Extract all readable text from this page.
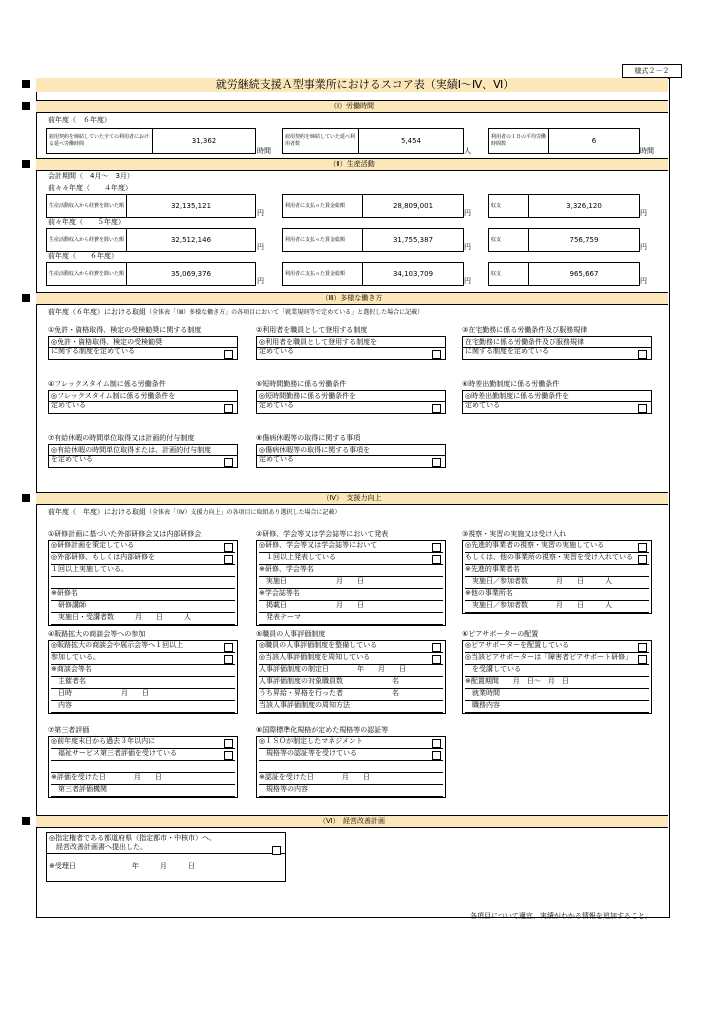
様式２－２
就労継続支援Ａ型事業所におけるスコア表（実績Ⅰ～Ⅳ、Ⅵ）
（Ⅰ）労働時間
前年度（　６年度）
雇用契約を締結していた全ての利用者における延べ労働時間	31,362
時間
雇用契約を締結していた延べ利用者数	5,454
人
利用者の１日の平均労働時間数	6
時間
（Ⅱ）生産活動
会計期間（　4月～　3月）
前々々年度（　　４年度）
生産活動収入から経費を除いた額	32,135,121
円
利用者に支払った賃金総額	28,809,001
円
収支	3,326,120
円
前々年度（　　５年度）
生産活動収入から経費を除いた額	32,512,146
円
利用者に支払った賃金総額	31,755,387
円
収支	756,759
円
前年度（　　６年度）
生産活動収入から経費を除いた額	35,069,376
円
利用者に支払った賃金総額	34,103,709
円
収支	965,667
円
（Ⅲ）多様な働き方
前年度（６年度）における取組（全体表「（Ⅲ）多様な働き方」の各項目において「就業規則等で定めている」と選択した場合に記載）
①免許・資格取得、検定の受検勧奨に関する制度
◎免許・資格取得、検定の受検勧奨
に関する制度を定めている
②利用者を職員として登用する制度
◎利用者を職員として登用する制度を
定めている
③在宅勤務に係る労働条件及び服務規律
在宅勤務に係る労働条件及び服務規律
に関する制度を定めている
④フレックスタイム制に係る労働条件
◎フレックスタイム制に係る労働条件を
定めている
⑤短時間勤務に係る労働条件
◎短時間勤務に係る労働条件を
定めている
⑥時差出勤制度に係る労働条件
◎時差出勤制度に係る労働条件を
定めている
⑦有給休暇の時間単位取得又は計画的付与制度
◎有給休暇の時間単位取得または、計画的付与制度
を定めている
⑧傷病休暇等の取得に関する事項
◎傷病休暇等の取得に関する事項を
定めている
（Ⅳ）　支援力向上
前年度（　年度）における取組（全体表「（Ⅳ）支援力向上」の各項目に取組あり選択した場合に記載）
①研修計画に基づいた外部研修会又は内部研修会
◎研修計画を策定している
◎外部研修、もしくは内部研修を
１回以上実施している。
※研修名
　研修講師
　実施日・受講者数　　　月　　日　　　人
②研修、学会等又は学会誌等において発表
◎研修、学会等又は学会誌等において
　１回以上発表している
※研修、学会等名
　実施日　　　　　　　月　　日
※学会誌等名
　掲載日　　　　　　　月　　日
　発表テーマ
③視察・実習の実施又は受け入れ
◎先進的事業者の視察・実習の実施している
もしくは、他の事業所の視察・実習を受け入れている
※先進的事業者名
　実施日／参加者数　　　　月　　日　　　人
※他の事業所名
　実施日／参加者数　　　　月　　日　　　人
④販路拡大の商談会等への参加
◎販路拡大の商談会や展示会等へ１回以上
参加している。
※商談会等名
　主催者名
　日時　　　　　　　月　　日
　内容
⑤職員の人事評価制度
◎職員の人事評価制度を整備している
◎当該人事評価制度を周知している
人事評価制度の制定日　　　　年　　月　　日
人事評価制度の対象職員数　　　　　　　名
うち昇給・昇格を行った者　　　　　　　名
当該人事評価制度の周知方法
⑥ピアサポーターの配置
◎ピアサポーターを配置している
◎当該ピアサポーターは「障害者ピアサポート研修」
　を受講している
※配置期間　　月　日～　月　日
　就業時間
　職務内容
⑦第三者評価
◎前年度末日から過去３年以内に
　福祉サービス第三者評価を受けている
※評価を受けた日　　　　月　　日
　第三者評価機関
⑧国際標準化規格が定めた規格等の認証等
◎ＩＳＯが制定したマネジメント
　規格等の認証等を受けている
※認証を受けた日　　　　月　　日
　規格等の内容
（Ⅵ）　経営改善計画
◎指定権者である都道府県（指定都市・中核市）へ、
　経営改善計画書へ提出した。
※受理日　　　　　　　　年　　　月　　　日
各項目について適宜、実績がわかる情報を追加すること。
